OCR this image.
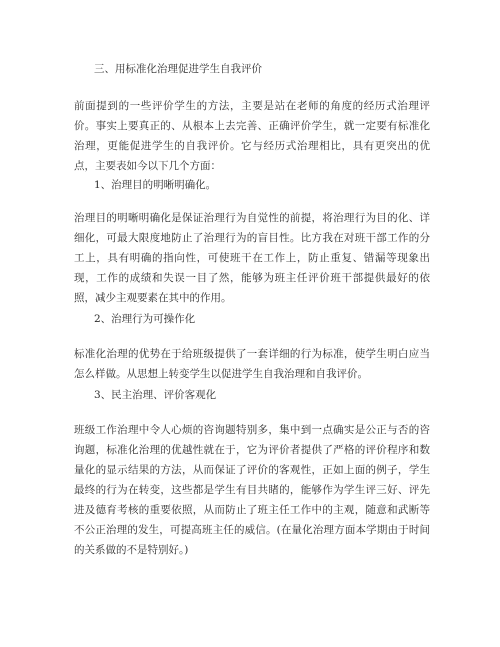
三、用标准化治理促进学生自我评价

前面提到的一些评价学生的方法，主要是站在老师的角度的经历式治理评价。事实上要真正的、从根本上去完善、正确评价学生，就一定要有标准化治理，更能促进学生的自我评价。它与经历式治理相比，具有更突出的优点，主要表如今以下几个方面：

1、治理目的明晰明确化。

治理目的明晰明确化是保证治理行为自觉性的前提，将治理行为目的化、详细化，可最大限度地防止了治理行为的盲目性。比方我在对班干部工作的分工上，具有明确的指向性，可使班干在工作上，防止重复、错漏等现象出现，工作的成绩和失误一目了然，能够为班主任评价班干部提供最好的依照，减少主观要素在其中的作用。

2、治理行为可操作化

标准化治理的优势在于给班级提供了一套详细的行为标准，使学生明白应当怎么样做。从思想上转变学生以促进学生自我治理和自我评价。

3、民主治理、评价客观化

班级工作治理中令人心烦的咨询题特别多，集中到一点确实是公正与否的咨询题，标准化治理的优越性就在于，它为评价者提供了严格的评价程序和数量化的显示结果的方法，从而保证了评价的客观性，正如上面的例子，学生最终的行为在转变，这些都是学生有目共睹的，能够作为学生评三好、评先进及德育考核的重要依照，从而防止了班主任工作中的主观，随意和武断等不公正治理的发生，可提高班主任的威信。(在量化治理方面本学期由于时间的关系做的不是特别好。)
